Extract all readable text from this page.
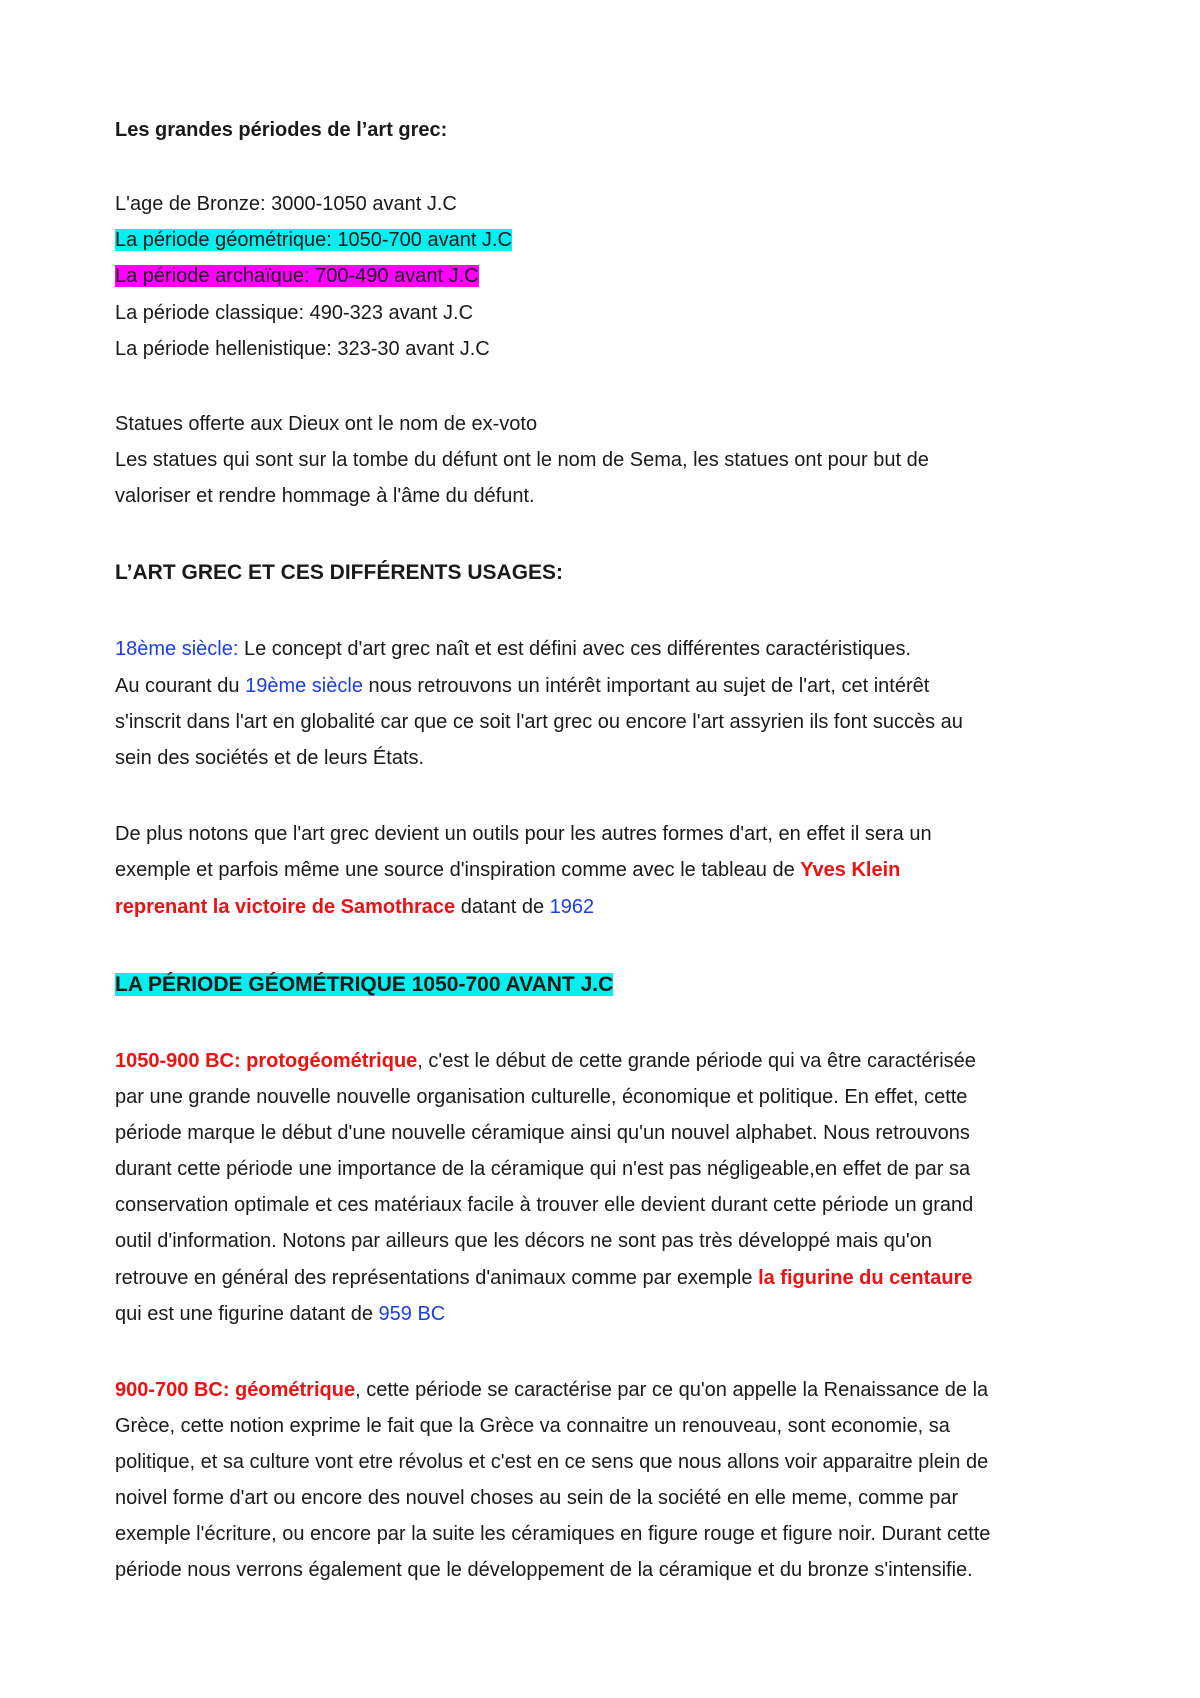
Les grandes périodes de l’art grec:
L'age de Bronze: 3000-1050 avant J.C
La période géométrique: 1050-700 avant J.C
La période archaïque: 700-490 avant J.C
La période classique: 490-323 avant J.C
La période hellenistique: 323-30 avant J.C
Statues offerte aux Dieux ont le nom de ex-voto
Les statues qui sont sur la tombe du défunt ont le nom de Sema, les statues ont pour but de
valoriser et rendre hommage à l'âme du défunt.
L’ART GREC ET CES DIFFÉRENTS USAGES:
18ème siècle: Le concept d'art grec naît et est défini avec ces différentes caractéristiques.
Au courant du 19ème siècle nous retrouvons un intérêt important au sujet de l'art, cet intérêt
s'inscrit dans l'art en globalité car que ce soit l'art grec ou encore l'art assyrien ils font succès au
sein des sociétés et de leurs États.
De plus notons que l'art grec devient un outils pour les autres formes d'art, en effet il sera un
exemple et parfois même une source d'inspiration comme avec le tableau de Yves Klein
reprenant la victoire de Samothrace datant de 1962
LA PÉRIODE GÉOMÉTRIQUE 1050-700 AVANT J.C
1050-900 BC: protogéométrique, c'est le début de cette grande période qui va être caractérisée
par une grande nouvelle nouvelle organisation culturelle, économique et politique. En effet, cette
période marque le début d'une nouvelle céramique ainsi qu'un nouvel alphabet. Nous retrouvons
durant cette période une importance de la céramique qui n'est pas négligeable,en effet de par sa
conservation optimale et ces matériaux facile à trouver elle devient durant cette période un grand
outil d'information. Notons par ailleurs que les décors ne sont pas très développé mais qu'on
retrouve en général des représentations d'animaux comme par exemple la figurine du centaure
qui est une figurine datant de 959 BC
900-700 BC: géométrique, cette période se caractérise par ce qu'on appelle la Renaissance de la
Grèce, cette notion exprime le fait que la Grèce va connaitre un renouveau, sont economie, sa
politique, et sa culture vont etre révolus et c'est en ce sens que nous allons voir apparaitre plein de
noivel forme d'art ou encore des nouvel choses au sein de la société en elle meme, comme par
exemple l'écriture, ou encore par la suite les céramiques en figure rouge et figure noir. Durant cette
période nous verrons également que le développement de la céramique et du bronze s'intensifie.
